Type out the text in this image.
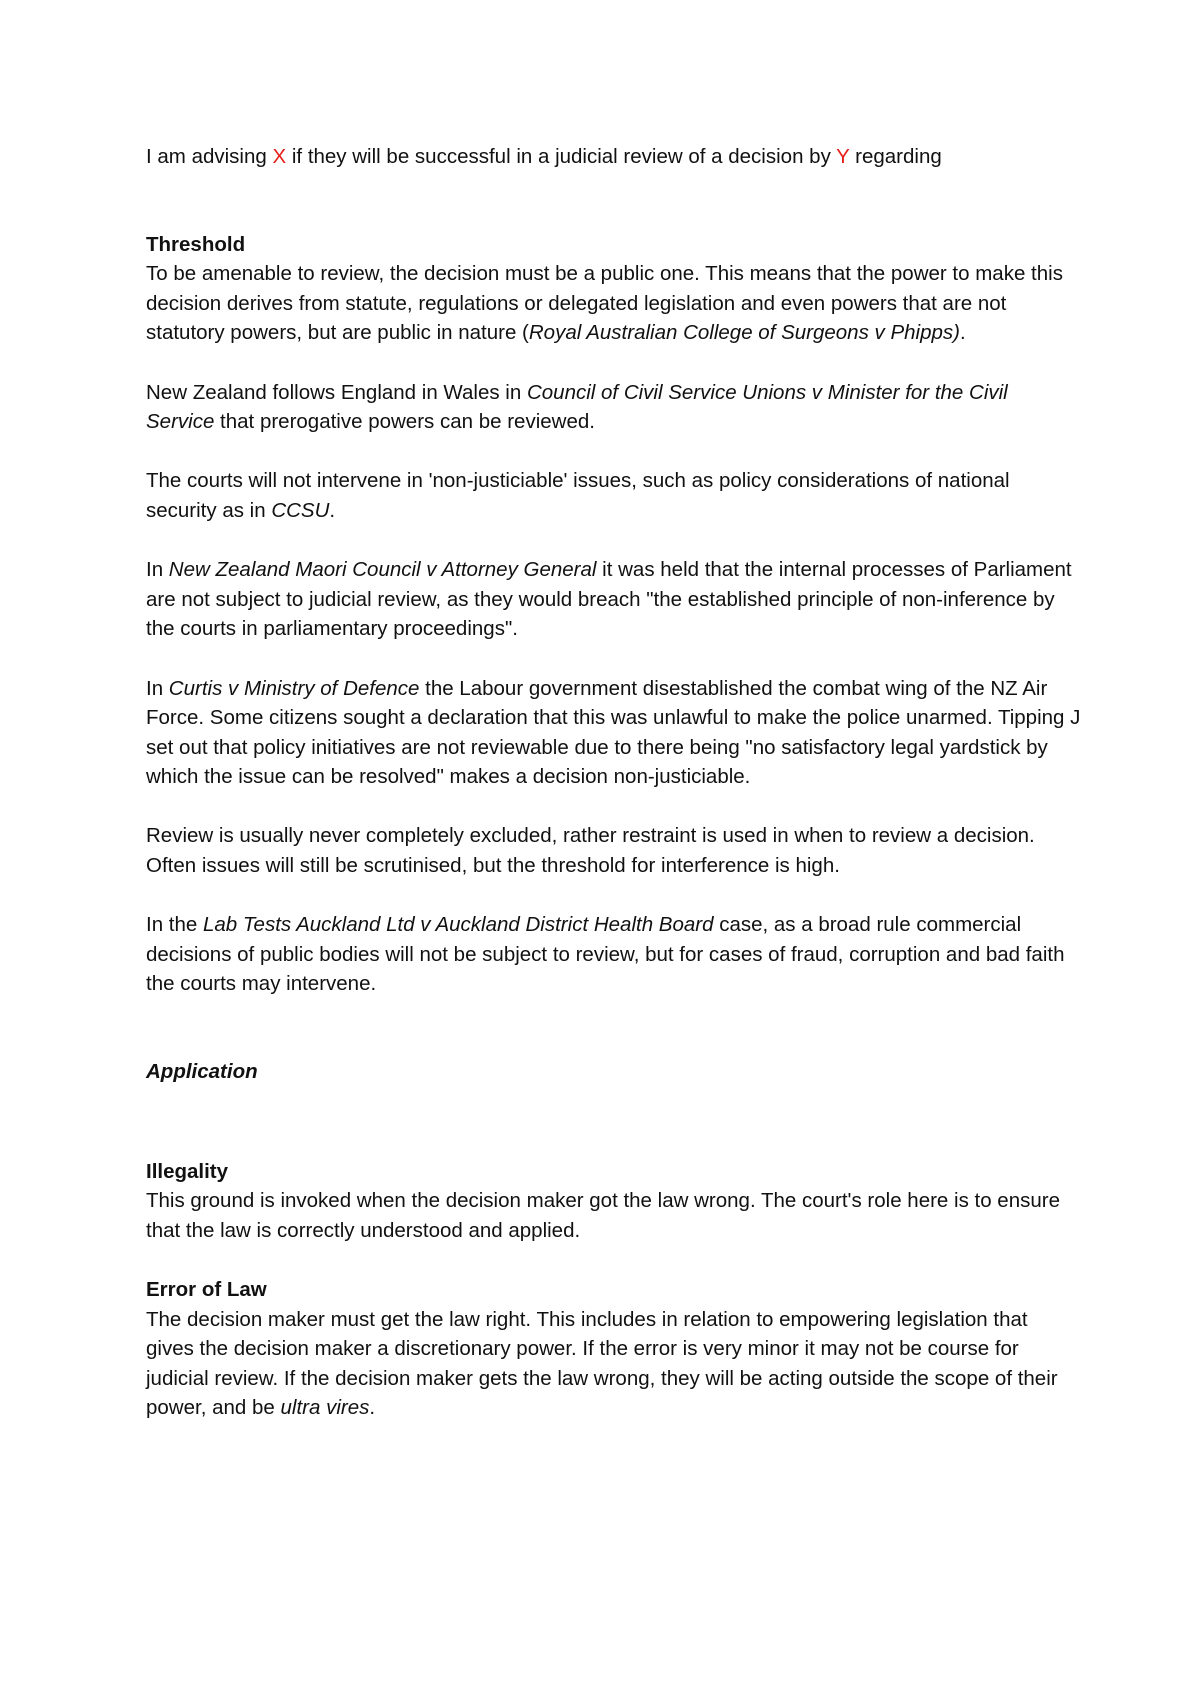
I am advising X if they will be successful in a judicial review of a decision by Y regarding

Threshold

To be amenable to review, the decision must be a public one. This means that the power to make this decision derives from statute, regulations or delegated legislation and even powers that are not statutory powers, but are public in nature (Royal Australian College of Surgeons v Phipps).

New Zealand follows England in Wales in Council of Civil Service Unions v Minister for the Civil Service that prerogative powers can be reviewed.

The courts will not intervene in 'non-justiciable' issues, such as policy considerations of national security as in CCSU.

In New Zealand Maori Council v Attorney General it was held that the internal processes of Parliament are not subject to judicial review, as they would breach "the established principle of non-inference by the courts in parliamentary proceedings".

In Curtis v Ministry of Defence the Labour government disestablished the combat wing of the NZ Air Force. Some citizens sought a declaration that this was unlawful to make the police unarmed. Tipping J set out that policy initiatives are not reviewable due to there being "no satisfactory legal yardstick by which the issue can be resolved" makes a decision non-justiciable.

Review is usually never completely excluded, rather restraint is used in when to review a decision. Often issues will still be scrutinised, but the threshold for interference is high.

In the Lab Tests Auckland Ltd v Auckland District Health Board case, as a broad rule commercial decisions of public bodies will not be subject to review, but for cases of fraud, corruption and bad faith the courts may intervene.

Application

Illegality

This ground is invoked when the decision maker got the law wrong. The court's role here is to ensure that the law is correctly understood and applied.

Error of Law

The decision maker must get the law right. This includes in relation to empowering legislation that gives the decision maker a discretionary power. If the error is very minor it may not be course for judicial review. If the decision maker gets the law wrong, they will be acting outside the scope of their power, and be ultra vires.
